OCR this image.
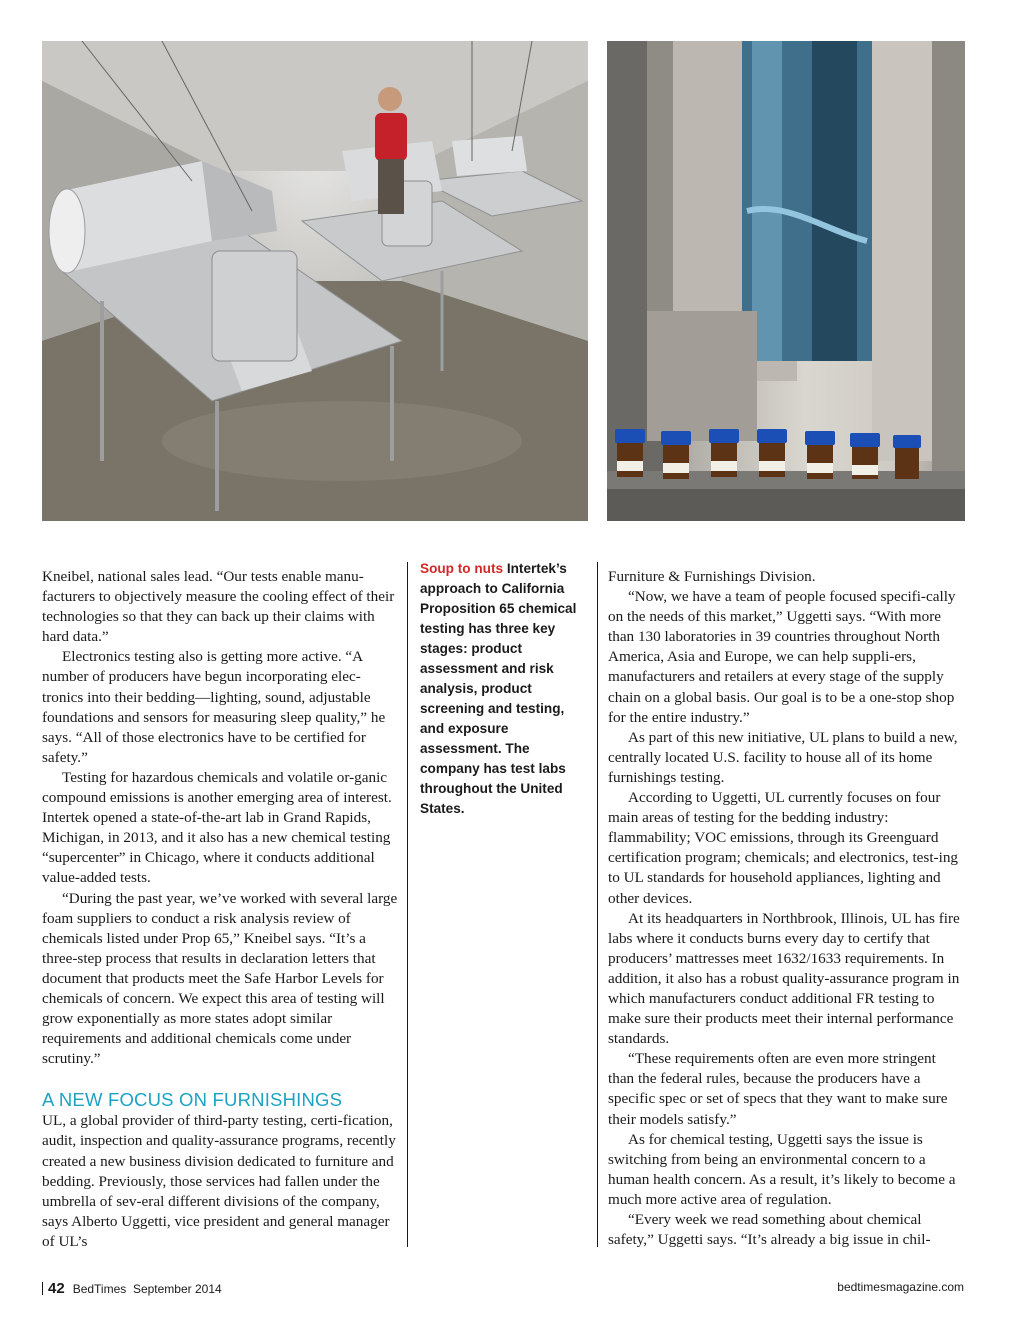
Kneibel, national sales lead. “Our tests enable manu-facturers to objectively measure the cooling effect of their technologies so that they can back up their claims with hard data.”

Electronics testing also is getting more active. “A number of producers have begun incorporating elec-tronics into their bedding—lighting, sound, adjustable foundations and sensors for measuring sleep quality,” he says. “All of those electronics have to be certified for safety.”

Testing for hazardous chemicals and volatile or-ganic compound emissions is another emerging area of interest. Intertek opened a state-of-the-art lab in Grand Rapids, Michigan, in 2013, and it also has a new chemical testing “supercenter” in Chicago, where it conducts additional value-added tests.

“During the past year, we’ve worked with several large foam suppliers to conduct a risk analysis review of chemicals listed under Prop 65,” Kneibel says. “It’s a three-step process that results in declaration letters that document that products meet the Safe Harbor Levels for chemicals of concern. We expect this area of testing will grow exponentially as more states adopt similar requirements and additional chemicals come under scrutiny.”

A NEW FOCUS ON FURNISHINGS

UL, a global provider of third-party testing, certi-fication, audit, inspection and quality-assurance programs, recently created a new business division dedicated to furniture and bedding. Previously, those services had fallen under the umbrella of sev-eral different divisions of the company, says Alberto Uggetti, vice president and general manager of UL’s

Soup to nuts Intertek’s approach to California Proposition 65 chemical testing has three key stages: product assessment and risk analysis, product screening and testing, and exposure assessment. The company has test labs throughout the United States.

Furniture & Furnishings Division.

“Now, we have a team of people focused specifi-cally on the needs of this market,” Uggetti says. “With more than 130 laboratories in 39 countries throughout North America, Asia and Europe, we can help suppli-ers, manufacturers and retailers at every stage of the supply chain on a global basis. Our goal is to be a one-stop shop for the entire industry.”

As part of this new initiative, UL plans to build a new, centrally located U.S. facility to house all of its home furnishings testing.

According to Uggetti, UL currently focuses on four main areas of testing for the bedding industry: flammability; VOC emissions, through its Greenguard certification program; chemicals; and electronics, test-ing to UL standards for household appliances, lighting and other devices.

At its headquarters in Northbrook, Illinois, UL has fire labs where it conducts burns every day to certify that producers’ mattresses meet 1632/1633 requirements. In addition, it also has a robust quality-assurance program in which manufacturers conduct additional FR testing to make sure their products meet their internal performance standards.

“These requirements often are even more stringent than the federal rules, because the producers have a specific spec or set of specs that they want to make sure their models satisfy.”

As for chemical testing, Uggetti says the issue is switching from being an environmental concern to a human health concern. As a result, it’s likely to become a much more active area of regulation.

“Every week we read something about chemical safety,” Uggetti says. “It’s already a big issue in chil-

42 BedTimes
September 2014	bedtimesmagazine.com
